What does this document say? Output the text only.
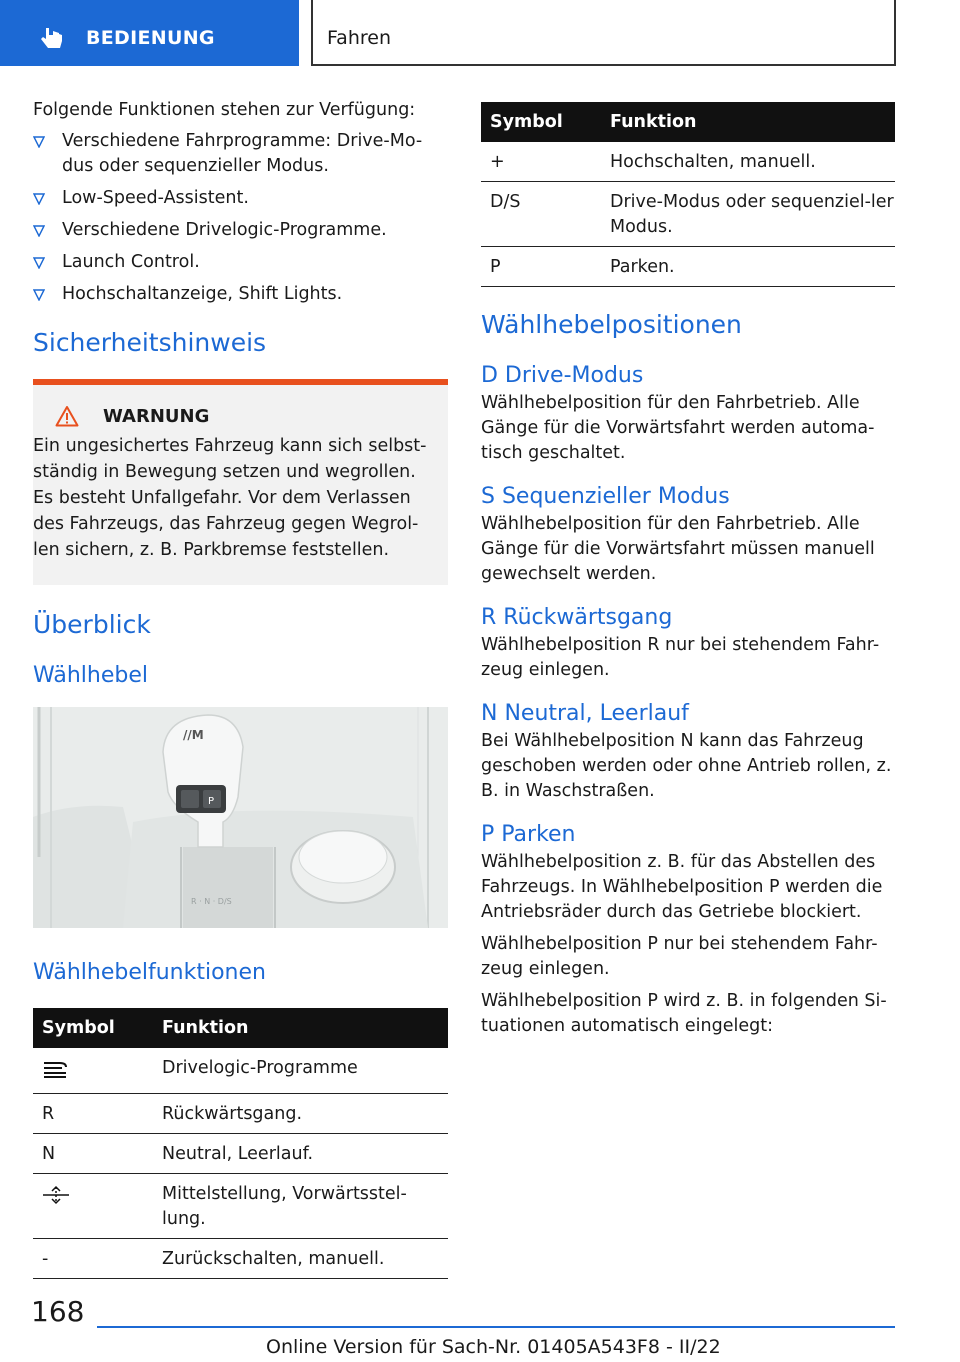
BEDIENUNG	Fahren

Folgende Funktionen stehen zur Verfügung:

Verschiedene Fahrprogramme: Drive-Mo-dus oder sequenzieller Modus.
Low-Speed-Assistent.
Verschiedene Drivelogic-Programme.
Launch Control.
Hochschaltanzeige, Shift Lights.
Sicherheitshinweis
WARNUNG

Ein ungesichertes Fahrzeug kann sich selbst-ständig in Bewegung setzen und wegrollen. Es besteht Unfallgefahr. Vor dem Verlassen des Fahrzeugs, das Fahrzeug gegen Wegrol-len sichern, z. B. Parkbremse feststellen.

Überblick
Wählhebel
//M
P
R · N · D/S
Wählhebelfunktionen
Symbol	Funktion
	Drivelogic-Programme
R	Rückwärtsgang.
N	Neutral, Leerlauf.
	Mittelstellung, Vorwärtsstel-lung.
-	Zurückschalten, manuell.
Symbol	Funktion
+	Hochschalten, manuell.
D/S	Drive-Modus oder sequenziel-ler Modus.
P	Parken.
Wählhebelpositionen
D Drive-Modus

Wählhebelposition für den Fahrbetrieb. Alle Gänge für die Vorwärtsfahrt werden automa-tisch geschaltet.

S Sequenzieller Modus

Wählhebelposition für den Fahrbetrieb. Alle Gänge für die Vorwärtsfahrt müssen manuell gewechselt werden.

R Rückwärtsgang

Wählhebelposition R nur bei stehendem Fahr-zeug einlegen.

N Neutral, Leerlauf

Bei Wählhebelposition N kann das Fahrzeug geschoben werden oder ohne Antrieb rollen, z. B. in Waschstraßen.

P Parken

Wählhebelposition z. B. für das Abstellen des Fahrzeugs. In Wählhebelposition P werden die Antriebsräder durch das Getriebe blockiert.

Wählhebelposition P nur bei stehendem Fahr-zeug einlegen.

Wählhebelposition P wird z. B. in folgenden Si-tuationen automatisch eingelegt:

168
Online Version für Sach-Nr. 01405A543F8 - II/22
